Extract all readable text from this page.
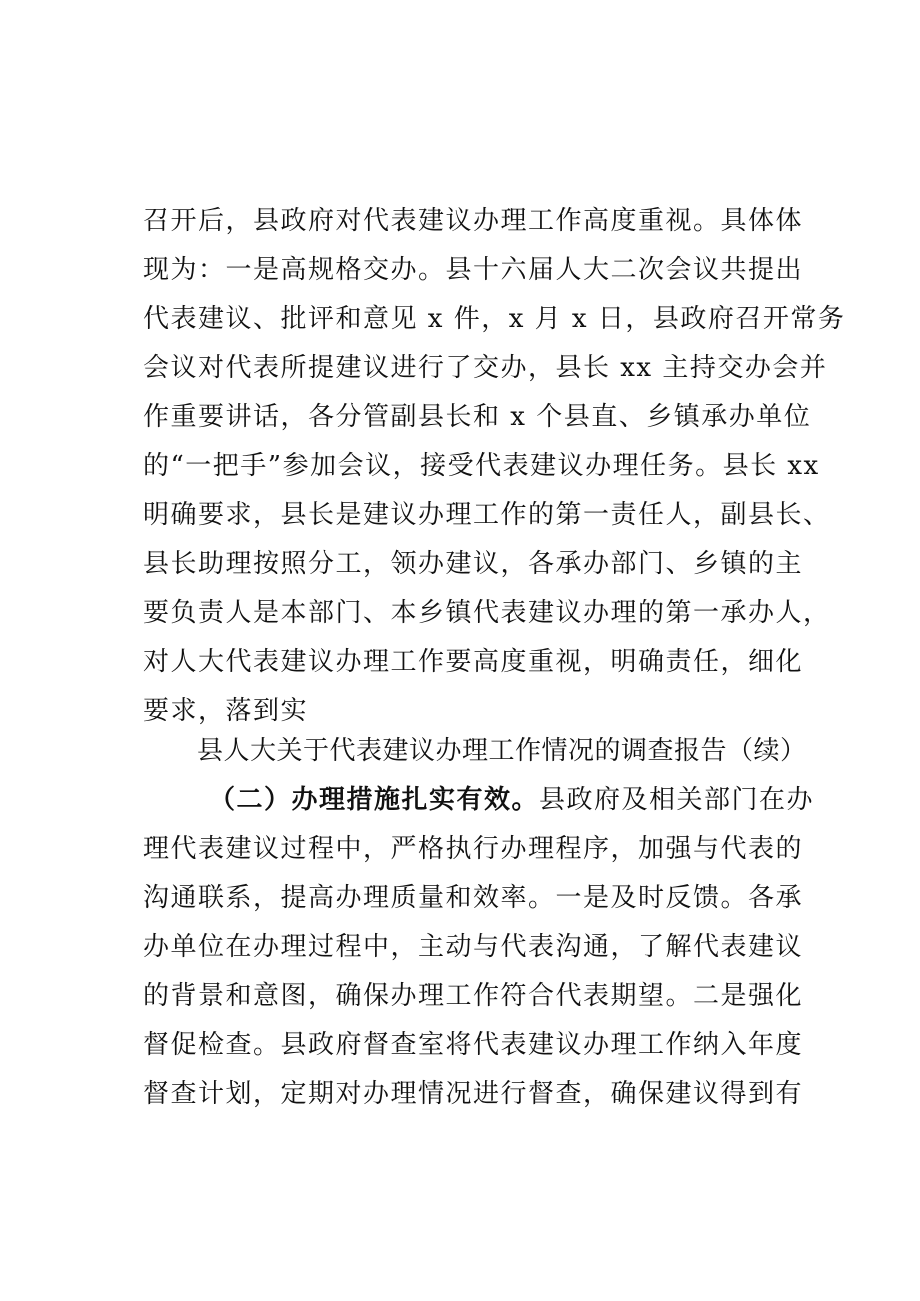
召开后，县政府对代表建议办理工作高度重视。具体体
现为：一是高规格交办。县十六届人大二次会议共提出
代表建议、批评和意见 x 件，x 月 x 日，县政府召开常务
会议对代表所提建议进行了交办，县长 xx 主持交办会并
作重要讲话，各分管副县长和 x 个县直、乡镇承办单位
的“一把手”参加会议，接受代表建议办理任务。县长 xx
明确要求，县长是建议办理工作的第一责任人，副县长、
县长助理按照分工，领办建议，各承办部门、乡镇的主
要负责人是本部门、本乡镇代表建议办理的第一承办人，
对人大代表建议办理工作要高度重视，明确责任，细化
要求，落到实
县人大关于代表建议办理工作情况的调查报告（续）
（二）办理措施扎实有效。县政府及相关部门在办
理代表建议过程中，严格执行办理程序，加强与代表的
沟通联系，提高办理质量和效率。一是及时反馈。各承
办单位在办理过程中，主动与代表沟通，了解代表建议
的背景和意图，确保办理工作符合代表期望。二是强化
督促检查。县政府督查室将代表建议办理工作纳入年度
督查计划，定期对办理情况进行督查，确保建议得到有
